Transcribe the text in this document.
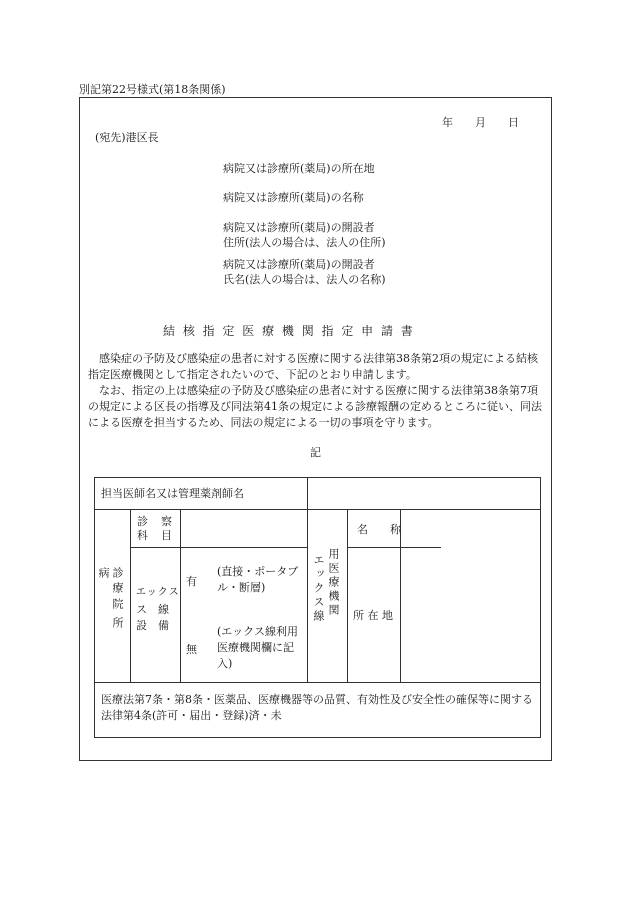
別記第22号様式(第18条関係)
年　　月　　日
(宛先)港区長
病院又は診療所(薬局)の所在地
病院又は診療所(薬局)の名称
病院又は診療所(薬局)の開設者
住所(法人の場合は、法人の住所)
病院又は診療所(薬局)の開設者
氏名(法人の場合は、法人の名称)
結 核 指 定 医 療 機 関 指 定 申 請 書
　感染症の予防及び感染症の患者に対する医療に関する法律第38条第2項の規定による結核指定医療機関として指定されたいので、下記のとおり申請します。
　なお、指定の上は感染症の予防及び感染症の患者に対する医療に関する法律第38条第7項の規定による区長の指導及び同法第41条の規定による診療報酬の定めるところに従い、同法による医療を担当するため、同法の規定による一切の事項を守ります。
記
担当医師名又は管理薬剤師名
病 診療
院所
診　察
科　目
エックス
ス　線
設　備
有
(直接・ポータブル・断層)
無
(エックス線利用医療機関欄に記入)
エックス線 用医療機関
名　　称
所 在 地
医療法第7条・第8条・医薬品、医療機器等の品質、有効性及び安全性の確保等に関する法律第4条(許可・届出・登録)済・未
